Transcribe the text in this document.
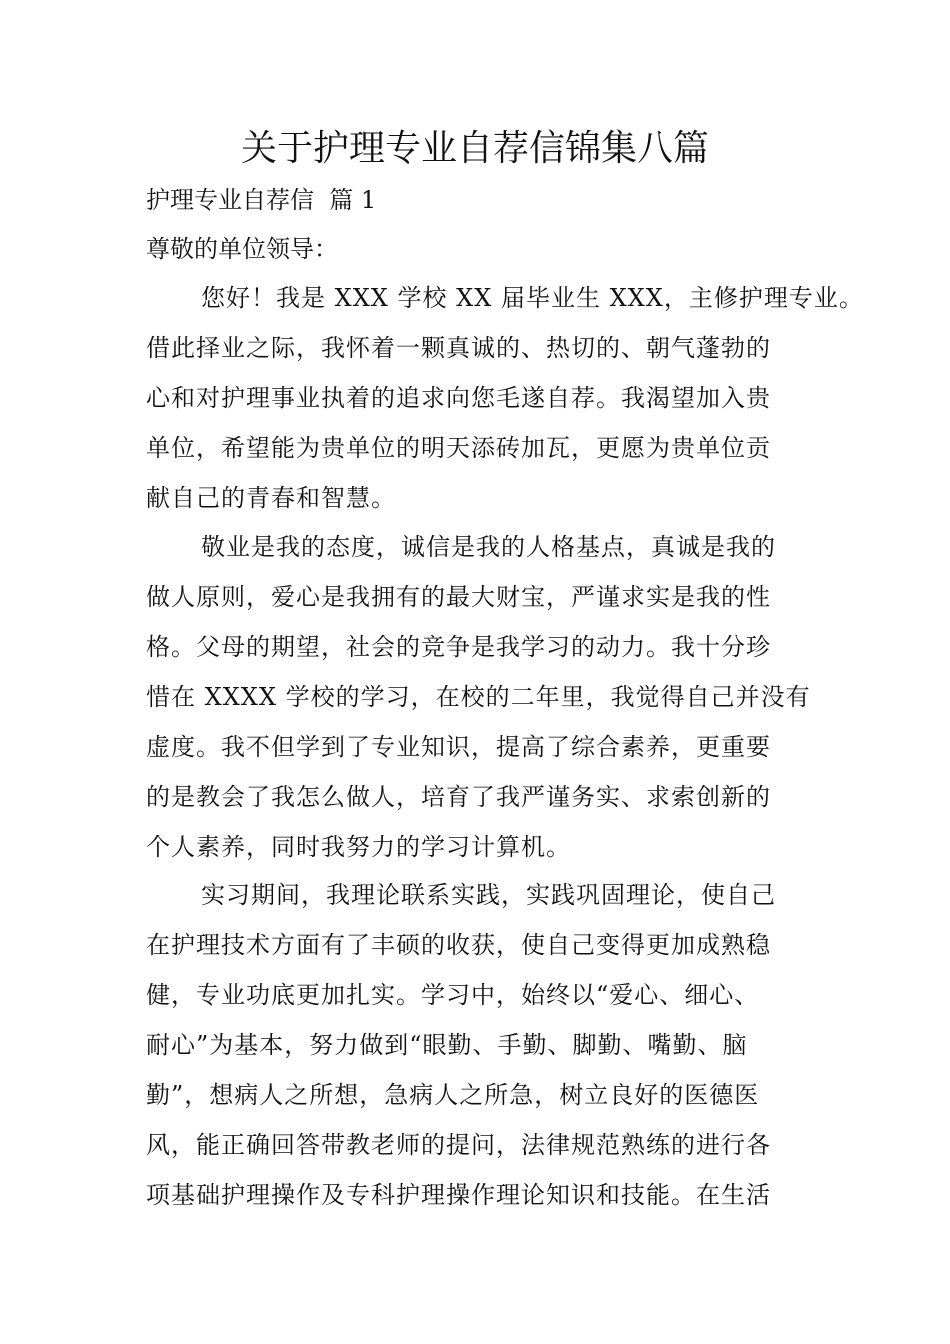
关于护理专业自荐信锦集八篇

护理专业自荐信  篇 1

尊敬的单位领导：

您好！我是 XXX 学校 XX 届毕业生 XXX，主修护理专业。
借此择业之际，我怀着一颗真诚的、热切的、朝气蓬勃的
心和对护理事业执着的追求向您毛遂自荐。我渴望加入贵
单位，希望能为贵单位的明天添砖加瓦，更愿为贵单位贡
献自己的青春和智慧。
敬业是我的态度，诚信是我的人格基点，真诚是我的
做人原则，爱心是我拥有的最大财宝，严谨求实是我的性
格。父母的期望，社会的竞争是我学习的动力。我十分珍
惜在 XXXX 学校的学习，在校的二年里，我觉得自己并没有
虚度。我不但学到了专业知识，提高了综合素养，更重要
的是教会了我怎么做人，培育了我严谨务实、求索创新的
个人素养，同时我努力的学习计算机。
实习期间，我理论联系实践，实践巩固理论，使自己
在护理技术方面有了丰硕的收获，使自己变得更加成熟稳
健，专业功底更加扎实。学习中，始终以“爱心、细心、
耐心”为基本，努力做到“眼勤、手勤、脚勤、嘴勤、脑
勤”，想病人之所想，急病人之所急，树立良好的医德医
风，能正确回答带教老师的提问，法律规范熟练的进行各
项基础护理操作及专科护理操作理论知识和技能。在生活
